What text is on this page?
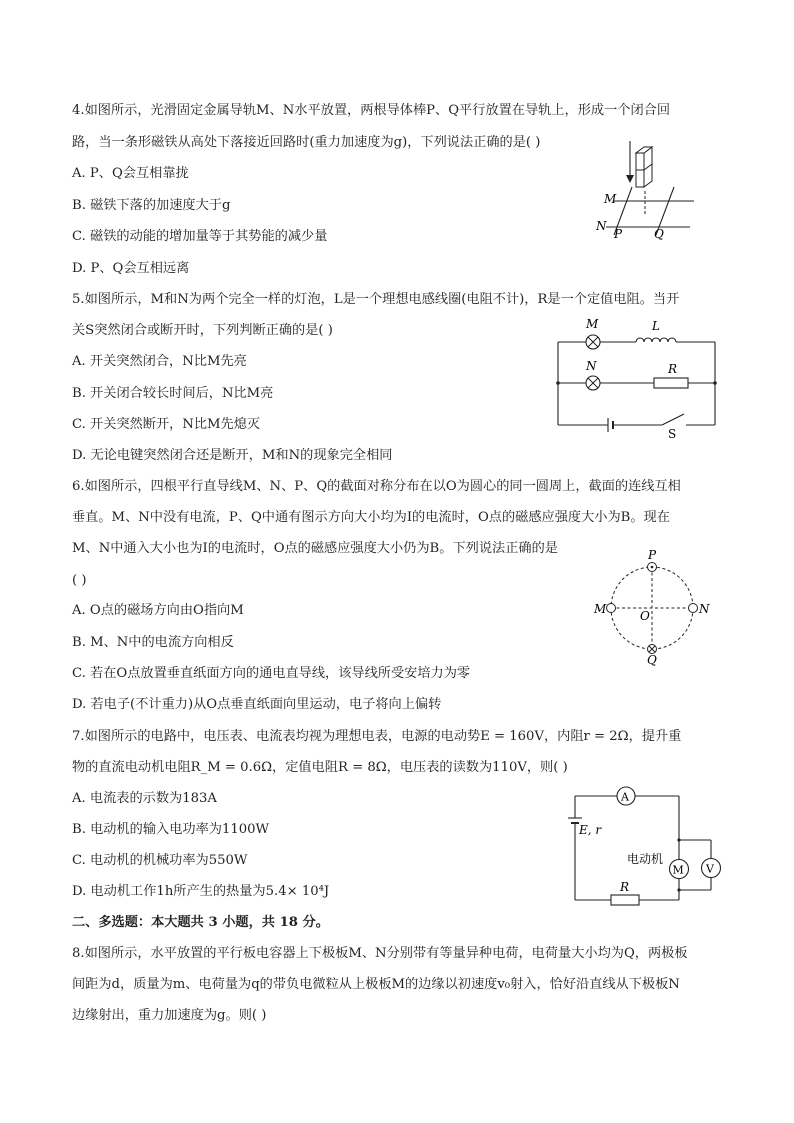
4.如图所示，光滑固定金属导轨M、N水平放置，两根导体棒P、Q平行放置在导轨上，形成一个闭合回
路，当一条形磁铁从高处下落接近回路时(重力加速度为g)，下列说法正确的是( )
A. P、Q会互相靠拢
B. 磁铁下落的加速度大于g
C. 磁铁的动能的增加量等于其势能的减少量
D. P、Q会互相远离
M
N
P	Q
5.如图所示，M和N为两个完全一样的灯泡，L是一个理想电感线圈(电阻不计)，R是一个定值电阻。当开
关S突然闭合或断开时，下列判断正确的是( )
A. 开关突然闭合，N比M先亮
B. 开关闭合较长时间后，N比M亮
C. 开关突然断开，N比M先熄灭
D. 无论电键突然闭合还是断开，M和N的现象完全相同
M	L
N	R
S
6.如图所示，四根平行直导线M、N、P、Q的截面对称分布在以O为圆心的同一圆周上，截面的连线互相
垂直。M、N中没有电流，P、Q中通有图示方向大小均为I的电流时，O点的磁感应强度大小为B。现在
M、N中通入大小也为I的电流时，O点的磁感应强度大小仍为B。下列说法正确的是
( )
A. O点的磁场方向由O指向M
B. M、N中的电流方向相反
C. 若在O点放置垂直纸面方向的通电直导线，该导线所受安培力为零
D. 若电子(不计重力)从O点垂直纸面向里运动，电子将向上偏转
P
M	O	N
Q
7.如图所示的电路中，电压表、电流表均视为理想电表，电源的电动势E = 160V，内阻r = 2Ω，提升重
物的直流电动机电阻R_M = 0.6Ω，定值电阻R = 8Ω，电压表的读数为110V，则( )
A. 电流表的示数为183A
B. 电动机的输入电功率为1100W
C. 电动机的机械功率为550W
D. 电动机工作1h所产生的热量为5.4× 10⁴J
A
E, r
R
M
电动机
V
二、多选题：本大题共 3 小题，共 18 分。
8.如图所示，水平放置的平行板电容器上下极板M、N分别带有等量异种电荷，电荷量大小均为Q，两极板
间距为d，质量为m、电荷量为q的带负电微粒从上极板M的边缘以初速度v₀射入，恰好沿直线从下极板N
边缘射出，重力加速度为g。则( )
